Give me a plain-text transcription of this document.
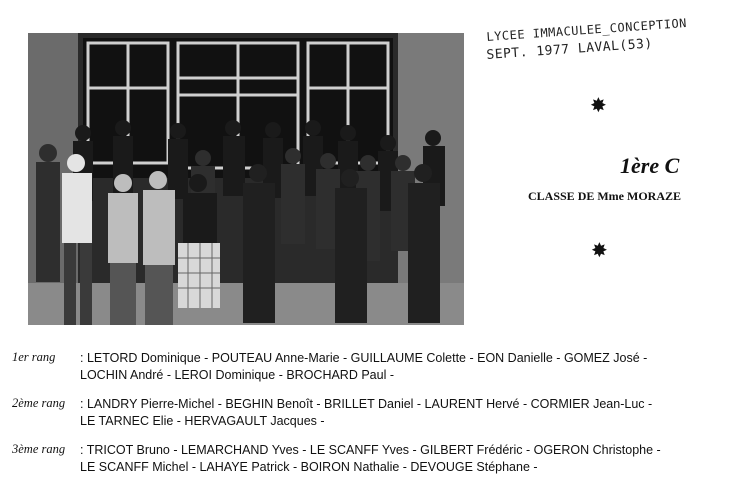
LYCEE IMMACULEE_CONCEPTION
SEPT. 1977 LAVAL(53)
✸
✸
1ère C
CLASSE DE Mme MORAZE
1er rang	: LETORD Dominique - POUTEAU Anne-Marie - GUILLAUME Colette - EON Danielle - GOMEZ José -
LOCHIN André - LEROI Dominique - BROCHARD Paul -
2ème rang	: LANDRY Pierre-Michel - BEGHIN Benoît - BRILLET Daniel - LAURENT Hervé - CORMIER Jean-Luc -
LE TARNEC Elie - HERVAGAULT Jacques -
3ème rang	: TRICOT Bruno - LEMARCHAND Yves - LE SCANFF Yves - GILBERT Frédéric - OGERON Christophe -
LE SCANFF Michel - LAHAYE Patrick - BOIRON Nathalie - DEVOUGE Stéphane -
